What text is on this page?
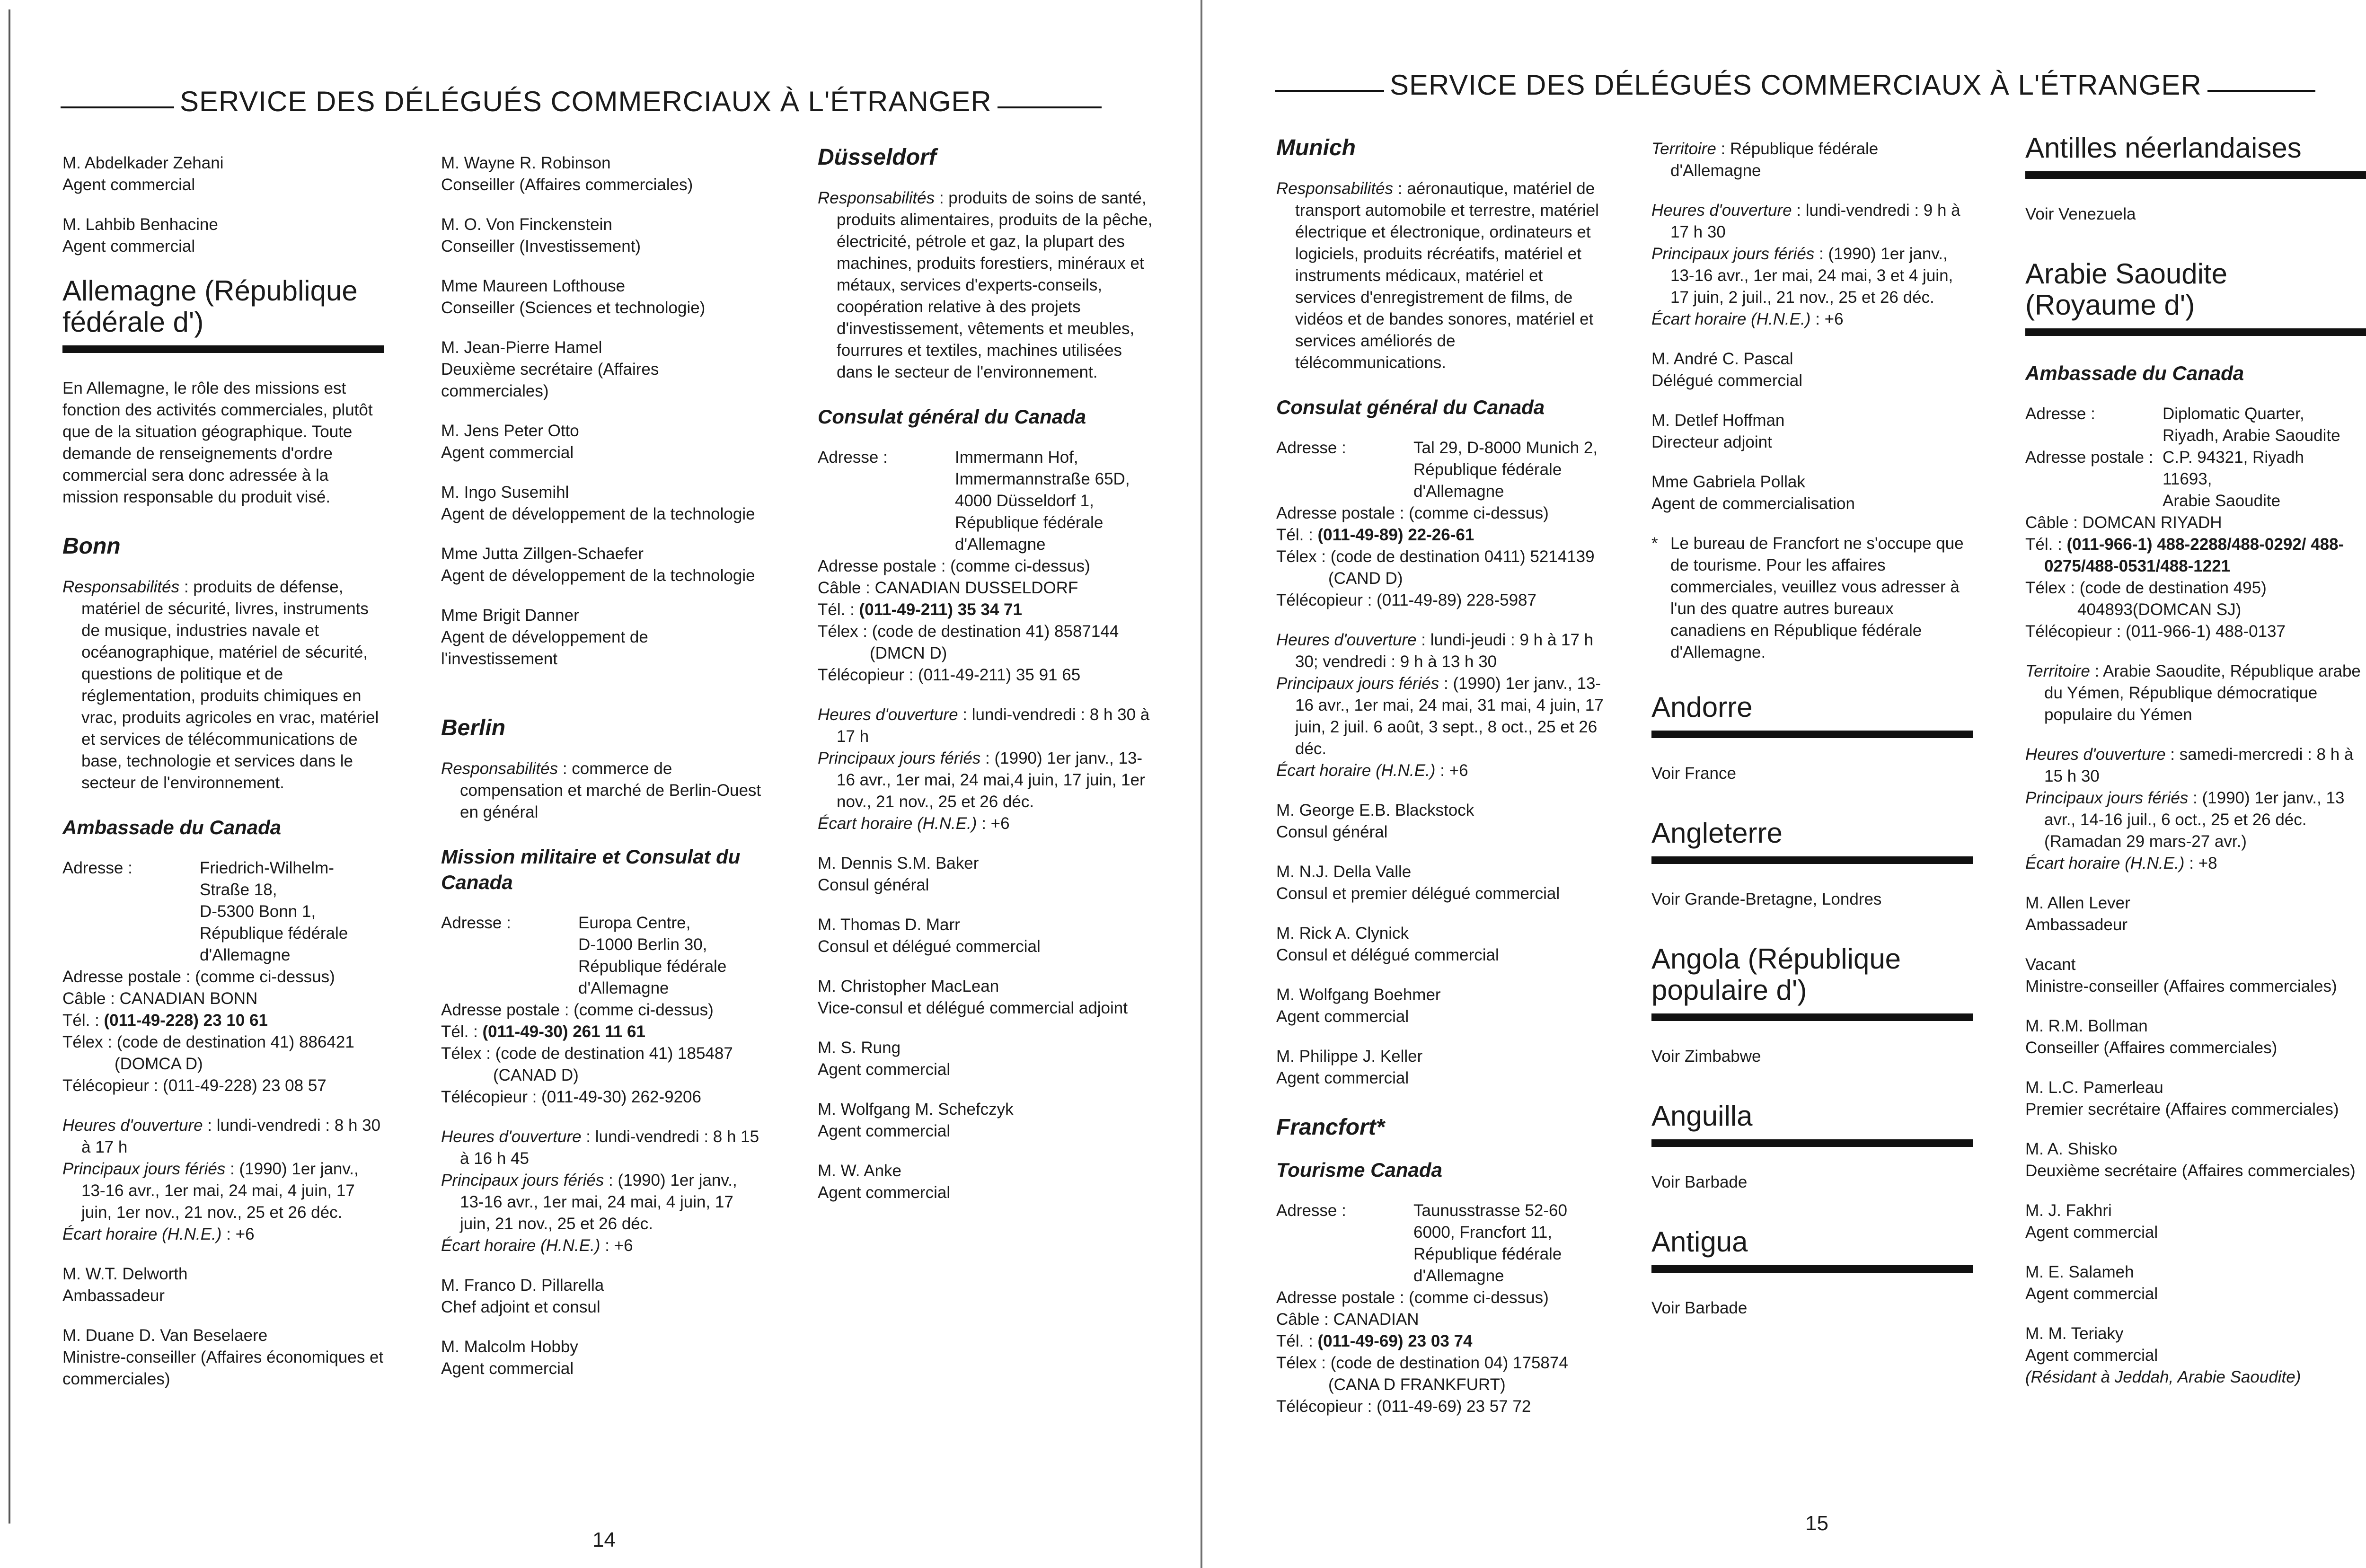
SERVICE DES DÉLÉGUÉS COMMERCIAUX À L'ÉTRANGER
M. Abdelkader Zehani
Agent commercial
M. Lahbib Benhacine
Agent commercial
Allemagne (République fédérale d')
En Allemagne, le rôle des missions est fonction des activités commerciales, plutôt que de la situation géographique. Toute demande de renseignements d'ordre commercial sera donc adressée à la mission responsable du produit visé.
Bonn
Responsabilités : produits de défense, matériel de sécurité, livres, instruments de musique, industries navale et océanographique, matériel de sécurité, questions de politique et de réglementation, produits chimiques en vrac, produits agricoles en vrac, matériel et services de télécommunications de base, technologie et services dans le secteur de l'environnement.
Ambassade du Canada
Adresse :	Friedrich-Wilhelm-
Straße 18,
D-5300 Bonn 1,
République fédérale
d'Allemagne
Adresse postale : (comme ci-dessus)
Câble : CANADIAN BONN
Tél. : (011-49-228) 23 10 61
Télex : (code de destination 41) 886421
(DOMCA D)
Télécopieur : (011-49-228) 23 08 57
Heures d'ouverture : lundi-vendredi : 8 h 30 à 17 h
Principaux jours fériés : (1990) 1er janv., 13-16 avr., 1er mai, 24 mai, 4 juin, 17 juin, 1er nov., 21 nov., 25 et 26 déc.
Écart horaire (H.N.E.) : +6
M. W.T. Delworth
Ambassadeur
M. Duane D. Van Beselaere
Ministre-conseiller (Affaires économiques et commerciales)
M. Wayne R. Robinson
Conseiller (Affaires commerciales)
M. O. Von Finckenstein
Conseiller (Investissement)
Mme Maureen Lofthouse
Conseiller (Sciences et technologie)
M. Jean-Pierre Hamel
Deuxième secrétaire (Affaires commerciales)
M. Jens Peter Otto
Agent commercial
M. Ingo Susemihl
Agent de développement de la technologie
Mme Jutta Zillgen-Schaefer
Agent de développement de la technologie
Mme Brigit Danner
Agent de développement de l'investissement
Berlin
Responsabilités : commerce de compensation et marché de Berlin-Ouest en général
Mission militaire et Consulat du Canada
Adresse :	Europa Centre,
D-1000 Berlin 30,
République fédérale
d'Allemagne
Adresse postale : (comme ci-dessus)
Tél. : (011-49-30) 261 11 61
Télex : (code de destination 41) 185487
(CANAD D)
Télécopieur : (011-49-30) 262-9206
Heures d'ouverture : lundi-vendredi : 8 h 15 à 16 h 45
Principaux jours fériés : (1990) 1er janv., 13-16 avr., 1er mai, 24 mai, 4 juin, 17 juin, 21 nov., 25 et 26 déc.
Écart horaire (H.N.E.) : +6
M. Franco D. Pillarella
Chef adjoint et consul
M. Malcolm Hobby
Agent commercial
Düsseldorf
Responsabilités : produits de soins de santé, produits alimentaires, produits de la pêche, électricité, pétrole et gaz, la plupart des machines, produits forestiers, minéraux et métaux, services d'experts-conseils, coopération relative à des projets d'investissement, vêtements et meubles, fourrures et textiles, machines utilisées dans le secteur de l'environnement.
Consulat général du Canada
Adresse :	Immermann Hof,
Immermannstraße 65D,
4000 Düsseldorf 1,
République fédérale
d'Allemagne
Adresse postale : (comme ci-dessus)
Câble : CANADIAN DUSSELDORF
Tél. : (011-49-211) 35 34 71
Télex : (code de destination 41) 8587144
(DMCN D)
Télécopieur : (011-49-211) 35 91 65
Heures d'ouverture : lundi-vendredi : 8 h 30 à 17 h
Principaux jours fériés : (1990) 1er janv., 13-16 avr., 1er mai, 24 mai,4 juin, 17 juin, 1er nov., 21 nov., 25 et 26 déc.
Écart horaire (H.N.E.) : +6
M. Dennis S.M. Baker
Consul général
M. Thomas D. Marr
Consul et délégué commercial
M. Christopher MacLean
Vice-consul et délégué commercial adjoint
M. S. Rung
Agent commercial
M. Wolfgang M. Schefczyk
Agent commercial
M. W. Anke
Agent commercial
14
SERVICE DES DÉLÉGUÉS COMMERCIAUX À L'ÉTRANGER
Munich
Responsabilités : aéronautique, matériel de transport automobile et terrestre, matériel électrique et électronique, ordinateurs et logiciels, produits récréatifs, matériel et instruments médicaux, matériel et services d'enregistrement de films, de vidéos et de bandes sonores, matériel et services améliorés de télécommunications.
Consulat général du Canada
Adresse :	Tal 29, D-8000 Munich 2,
République fédérale
d'Allemagne
Adresse postale : (comme ci-dessus)
Tél. : (011-49-89) 22-26-61
Télex : (code de destination 0411) 5214139
(CAND D)
Télécopieur : (011-49-89) 228-5987
Heures d'ouverture : lundi-jeudi : 9 h à 17 h 30; vendredi : 9 h à 13 h 30
Principaux jours fériés : (1990) 1er janv., 13-16 avr., 1er mai, 24 mai, 31 mai, 4 juin, 17 juin, 2 juil. 6 août, 3 sept., 8 oct., 25 et 26 déc.
Écart horaire (H.N.E.) : +6
M. George E.B. Blackstock
Consul général
M. N.J. Della Valle
Consul et premier délégué commercial
M. Rick A. Clynick
Consul et délégué commercial
M. Wolfgang Boehmer
Agent commercial
M. Philippe J. Keller
Agent commercial
Francfort*
Tourisme Canada
Adresse :	Taunusstrasse 52-60
6000, Francfort 11,
République fédérale
d'Allemagne
Adresse postale : (comme ci-dessus)
Câble : CANADIAN
Tél. : (011-49-69) 23 03 74
Télex : (code de destination 04) 175874
(CANA D FRANKFURT)
Télécopieur : (011-49-69) 23 57 72
Territoire : République fédérale d'Allemagne
Heures d'ouverture : lundi-vendredi : 9 h à 17 h 30
Principaux jours fériés : (1990) 1er janv., 13-16 avr., 1er mai, 24 mai, 3 et 4 juin, 17 juin, 2 juil., 21 nov., 25 et 26 déc.
Écart horaire (H.N.E.) : +6
M. André C. Pascal
Délégué commercial
M. Detlef Hoffman
Directeur adjoint
Mme Gabriela Pollak
Agent de commercialisation
* Le bureau de Francfort ne s'occupe que de tourisme. Pour les affaires commerciales, veuillez vous adresser à l'un des quatre autres bureaux canadiens en République fédérale d'Allemagne.
Andorre
Voir France
Angleterre
Voir Grande-Bretagne, Londres
Angola (République populaire d')
Voir Zimbabwe
Anguilla
Voir Barbade
Antigua
Voir Barbade
Antilles néerlandaises
Voir Venezuela
Arabie Saoudite (Royaume d')
Ambassade du Canada
Adresse :	Diplomatic Quarter,
Riyadh, Arabie Saoudite
Adresse postale : C.P. 94321, Riyadh
11693,
Arabie Saoudite
Câble : DOMCAN RIYADH
Tél. : (011-966-1) 488-2288/488-0292/ 488-0275/488-0531/488-1221
Télex : (code de destination 495)
404893(DOMCAN SJ)
Télécopieur : (011-966-1) 488-0137
Territoire : Arabie Saoudite, République arabe du Yémen, République démocratique populaire du Yémen
Heures d'ouverture : samedi-mercredi : 8 h à 15 h 30
Principaux jours fériés : (1990) 1er janv., 13 avr., 14-16 juil., 6 oct., 25 et 26 déc. (Ramadan 29 mars-27 avr.)
Écart horaire (H.N.E.) : +8
M. Allen Lever
Ambassadeur
Vacant
Ministre-conseiller (Affaires commerciales)
M. R.M. Bollman
Conseiller (Affaires commerciales)
M. L.C. Pamerleau
Premier secrétaire (Affaires commerciales)
M. A. Shisko
Deuxième secrétaire (Affaires commerciales)
M. J. Fakhri
Agent commercial
M. E. Salameh
Agent commercial
M. M. Teriaky
Agent commercial
(Résidant à Jeddah, Arabie Saoudite)
15
